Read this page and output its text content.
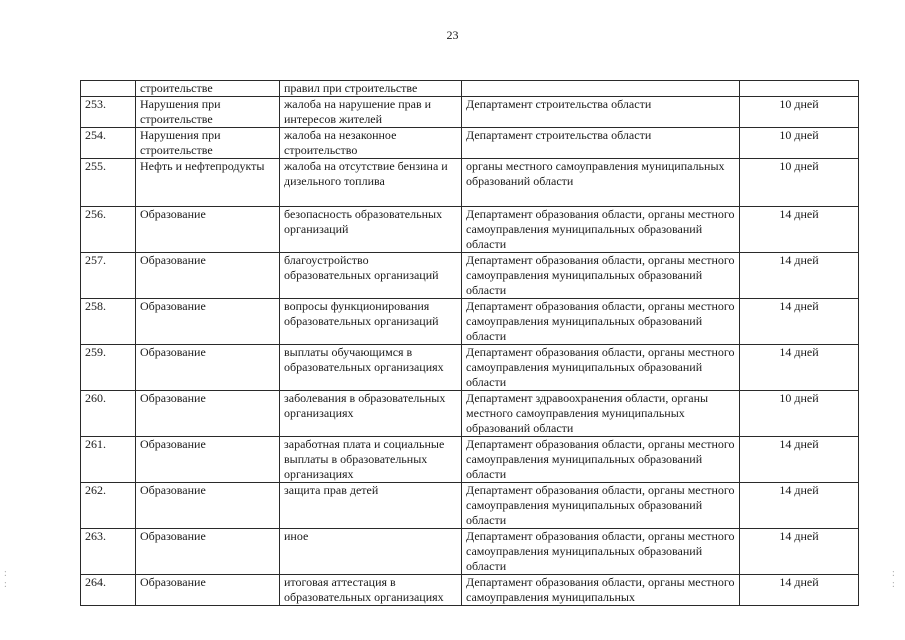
23
:
:
:
:
	строительстве	правил при строительстве		
253.	Нарушения при строительстве	жалоба на нарушение прав и интересов жителей	Департамент строительства области	10 дней
254.	Нарушения при строительстве	жалоба на незаконное строительство	Департамент строительства области	10 дней
255.	Нефть и нефтепродукты	жалоба на отсутствие бензина и дизельного топлива	органы местного самоуправления муниципальных образований области	10 дней
256.	Образование	безопасность образовательных организаций	Департамент образования области, органы местного самоуправления муниципальных образований области	14 дней
257.	Образование	благоустройство образовательных организаций	Департамент образования области, органы местного самоуправления муниципальных образований области	14 дней
258.	Образование	вопросы функционирования образовательных организаций	Департамент образования области, органы местного самоуправления муниципальных образований области	14 дней
259.	Образование	выплаты обучающимся в образовательных организациях	Департамент образования области, органы местного самоуправления муниципальных образований области	14 дней
260.	Образование	заболевания в образовательных организациях	Департамент здравоохранения области, органы местного самоуправления муниципальных образований области	10 дней
261.	Образование	заработная плата и социальные выплаты в образовательных организациях	Департамент образования области, органы местного самоуправления муниципальных образований области	14 дней
262.	Образование	защита прав детей	Департамент образования области, органы местного самоуправления муниципальных образований области	14 дней
263.	Образование	иное	Департамент образования области, органы местного самоуправления муниципальных образований области	14 дней
264.	Образование	итоговая аттестация в образовательных организациях	Департамент образования области, органы местного самоуправления муниципальных	14 дней
